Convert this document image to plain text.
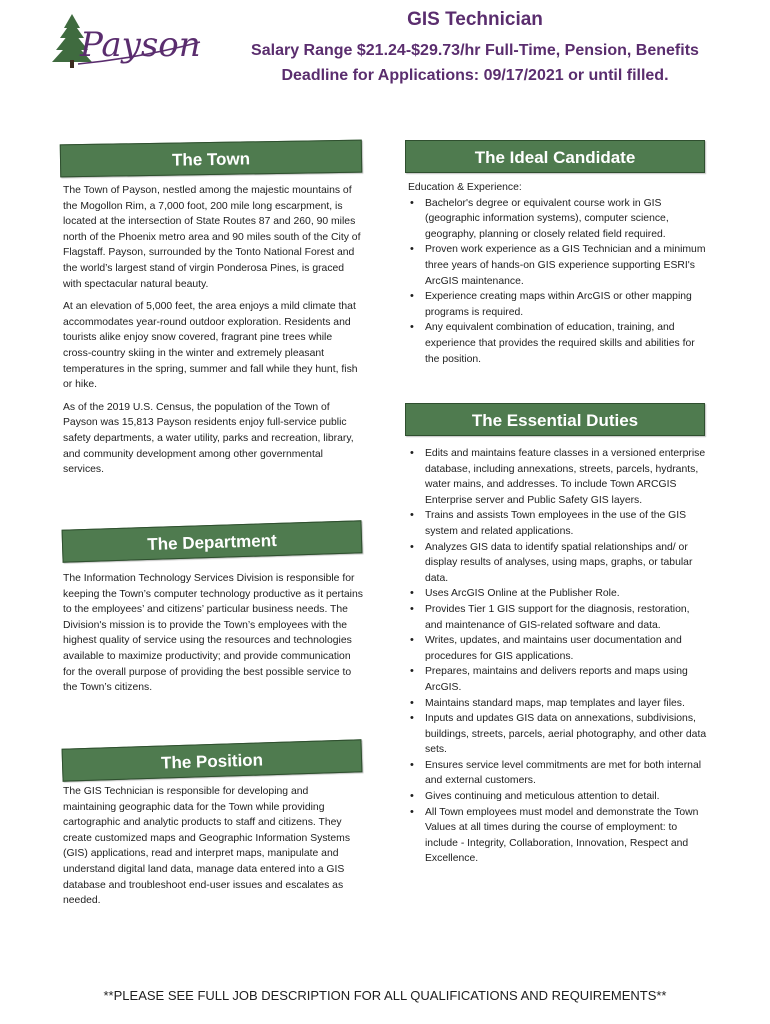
Payson
GIS Technician
Salary Range $21.24-$29.73/hr Full-Time, Pension, Benefits
Deadline for Applications: 09/17/2021 or until filled.
The Town

The Town of Payson, nestled among the majestic mountains of the Mogollon Rim, a 7,000 foot, 200 mile long escarpment, is located at the intersection of State Routes 87 and 260, 90 miles north of the Phoenix metro area and 90 miles south of the City of Flagstaff. Payson, surrounded by the Tonto National Forest and the world’s largest stand of virgin Ponderosa Pines, is graced with spectacular natural beauty.

At an elevation of 5,000 feet, the area enjoys a mild climate that accommodates year-round outdoor exploration. Residents and tourists alike enjoy snow covered, fragrant pine trees while cross-country skiing in the winter and extremely pleasant temperatures in the spring, summer and fall while they hunt, fish or hike.

As of the 2019 U.S. Census, the population of the Town of Payson was 15,813 Payson residents enjoy full-service public safety departments, a water utility, parks and recreation, library, and community development among other governmental services.

The Department
The Information Technology Services Division is responsible for keeping the Town’s computer technology productive as it pertains to the employees’ and citizens’ particular business needs. The Division's mission is to provide the Town’s employees with the highest quality of service using the resources and technologies available to maximize productivity; and provide communication for the overall purpose of providing the best possible service to the Town’s citizens.
The Position
The GIS Technician is responsible for developing and maintaining geographic data for the Town while providing cartographic and analytic products to staff and citizens. They create customized maps and Geographic Information Systems (GIS) applications, read and interpret maps, manipulate and understand digital land data, manage data entered into a GIS database and troubleshoot end-user issues and escalates as needed.
The Ideal Candidate
Education & Experience:
• Bachelor's degree or equivalent course work in GIS (geographic information systems), computer science, geography, planning or closely related field required.
• Proven work experience as a GIS Technician and a minimum three years of hands-on GIS experience supporting ESRI's ArcGIS maintenance.
• Experience creating maps within ArcGIS or other mapping programs is required.
• Any equivalent combination of education, training, and experience that provides the required skills and abilities for the position.
The Essential Duties
• Edits and maintains feature classes in a versioned enterprise database, including annexations, streets, parcels, hydrants, water mains, and addresses. To include Town ARCGIS Enterprise server and Public Safety GIS layers.
• Trains and assists Town employees in the use of the GIS system and related applications.
• Analyzes GIS data to identify spatial relationships and/ or display results of analyses, using maps, graphs, or tabular data.
• Uses ArcGIS Online at the Publisher Role.
• Provides Tier 1 GIS support for the diagnosis, restoration, and maintenance of GIS-related software and data.
• Writes, updates, and maintains user documentation and procedures for GIS applications.
• Prepares, maintains and delivers reports and maps using ArcGIS.
• Maintains standard maps, map templates and layer files.
• Inputs and updates GIS data on annexations, subdivisions, buildings, streets, parcels, aerial photography, and other data sets.
• Ensures service level commitments are met for both internal and external customers.
• Gives continuing and meticulous attention to detail.
• All Town employees must model and demonstrate the Town Values at all times during the course of employment: to include - Integrity, Collaboration, Innovation, Respect and Excellence.
**PLEASE SEE FULL JOB DESCRIPTION FOR ALL QUALIFICATIONS AND REQUIREMENTS**
